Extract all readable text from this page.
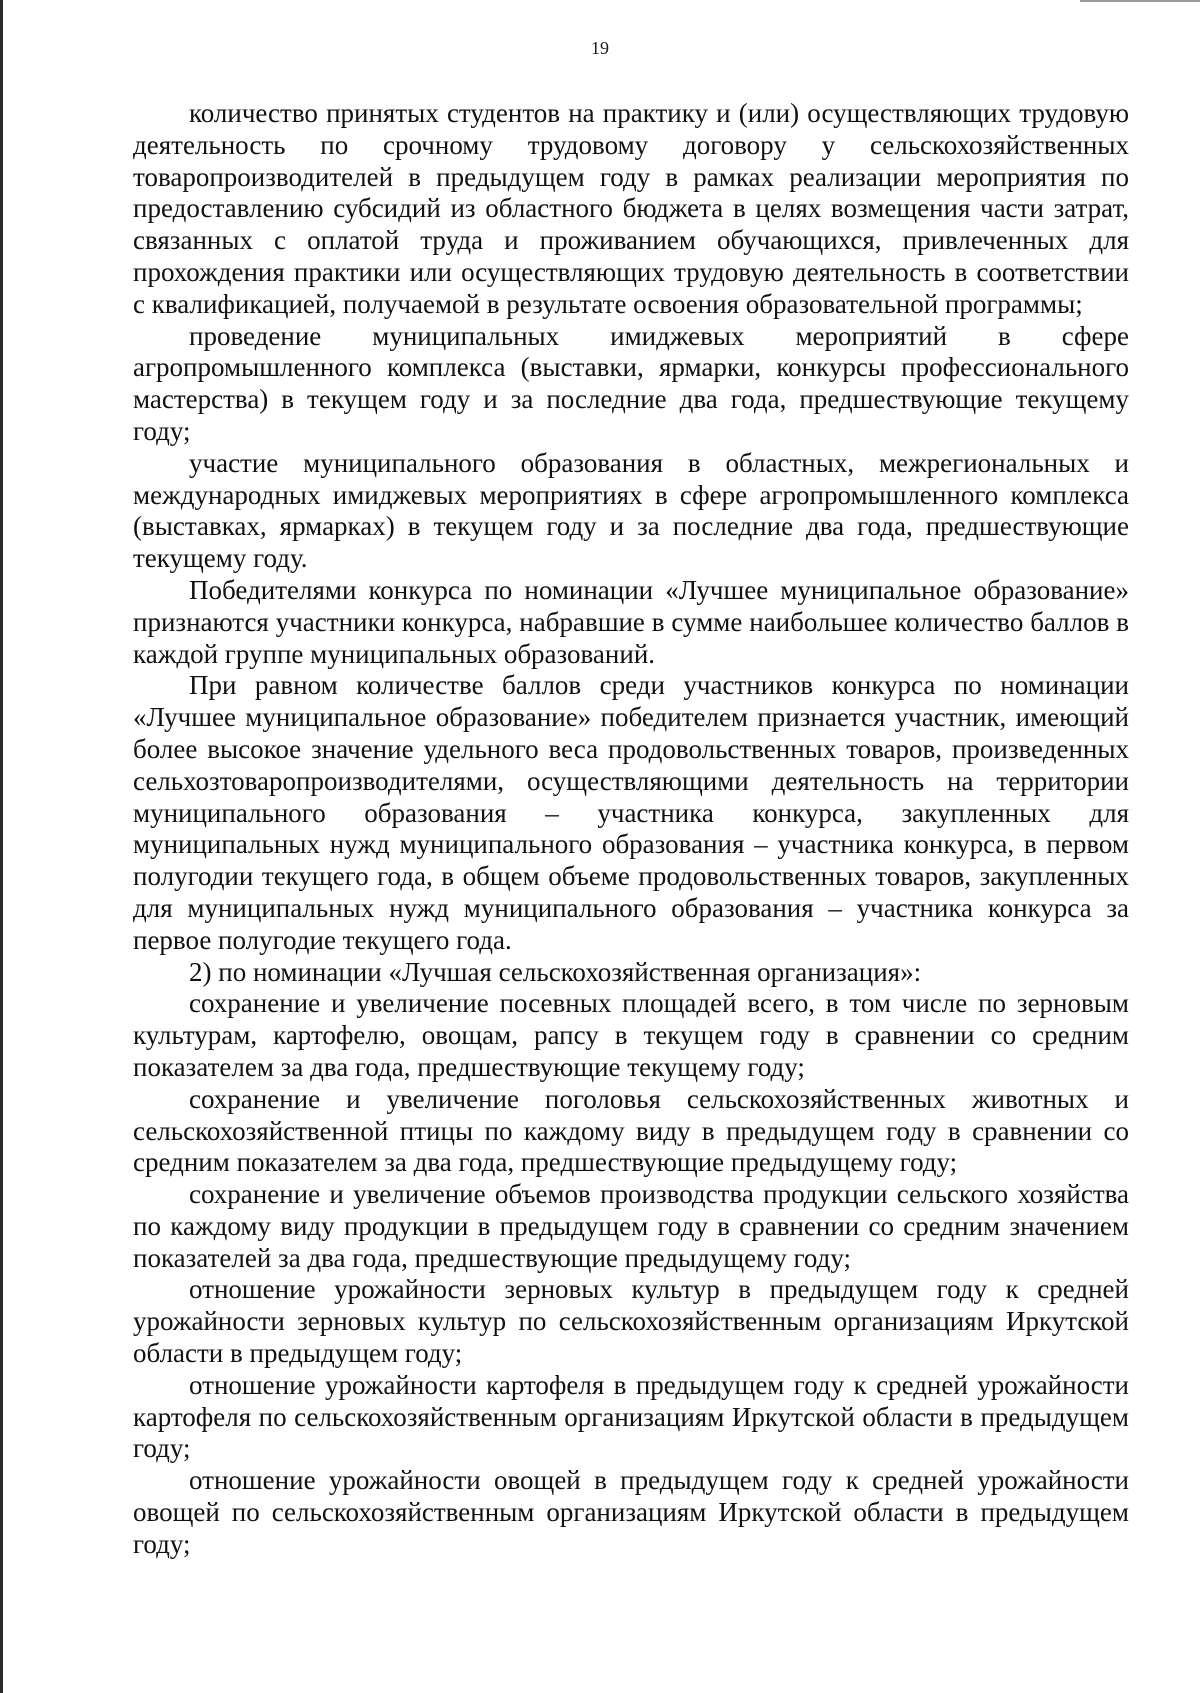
19

количество принятых студентов на практику и (или) осуществляющих трудовую деятельность по срочному трудовому договору у сельскохозяйственных товаропроизводителей в предыдущем году в рамках реализации мероприятия по предоставлению субсидий из областного бюджета в целях возмещения части затрат, связанных с оплатой труда и проживанием обучающихся, привлеченных для прохождения практики или осуществляющих трудовую деятельность в соответствии с квалификацией, получаемой в результате освоения образовательной программы;

проведение муниципальных имиджевых мероприятий в сфере агропромышленного комплекса (выставки, ярмарки, конкурсы профессионального мастерства) в текущем году и за последние два года, предшествующие текущему году;

участие муниципального образования в областных, межрегиональных и международных имиджевых мероприятиях в сфере агропромышленного комплекса (выставках, ярмарках) в текущем году и за последние два года, предшествующие текущему году.

Победителями конкурса по номинации «Лучшее муниципальное образование» признаются участники конкурса, набравшие в сумме наибольшее количество баллов в каждой группе муниципальных образований.

При равном количестве баллов среди участников конкурса по номинации «Лучшее муниципальное образование» победителем признается участник, имеющий более высокое значение удельного веса продовольственных товаров, произведенных сельхозтоваропроизводителями, осуществляющими деятельность на территории муниципального образования – участника конкурса, закупленных для муниципальных нужд муниципального образования – участника конкурса, в первом полугодии текущего года, в общем объеме продовольственных товаров, закупленных для муниципальных нужд муниципального образования – участника конкурса за первое полугодие текущего года.

2) по номинации «Лучшая сельскохозяйственная организация»:

сохранение и увеличение посевных площадей всего, в том числе по зерновым культурам, картофелю, овощам, рапсу в текущем году в сравнении со средним показателем за два года, предшествующие текущему году;

сохранение и увеличение поголовья сельскохозяйственных животных и сельскохозяйственной птицы по каждому виду в предыдущем году в сравнении со средним показателем за два года, предшествующие предыдущему году;

сохранение и увеличение объемов производства продукции сельского хозяйства по каждому виду продукции в предыдущем году в сравнении со средним значением показателей за два года, предшествующие предыдущему году;

отношение урожайности зерновых культур в предыдущем году к средней урожайности зерновых культур по сельскохозяйственным организациям Иркутской области в предыдущем году;

отношение урожайности картофеля в предыдущем году к средней урожайности картофеля по сельскохозяйственным организациям Иркутской области в предыдущем году;

отношение урожайности овощей в предыдущем году к средней урожайности овощей по сельскохозяйственным организациям Иркутской области в предыдущем году;
